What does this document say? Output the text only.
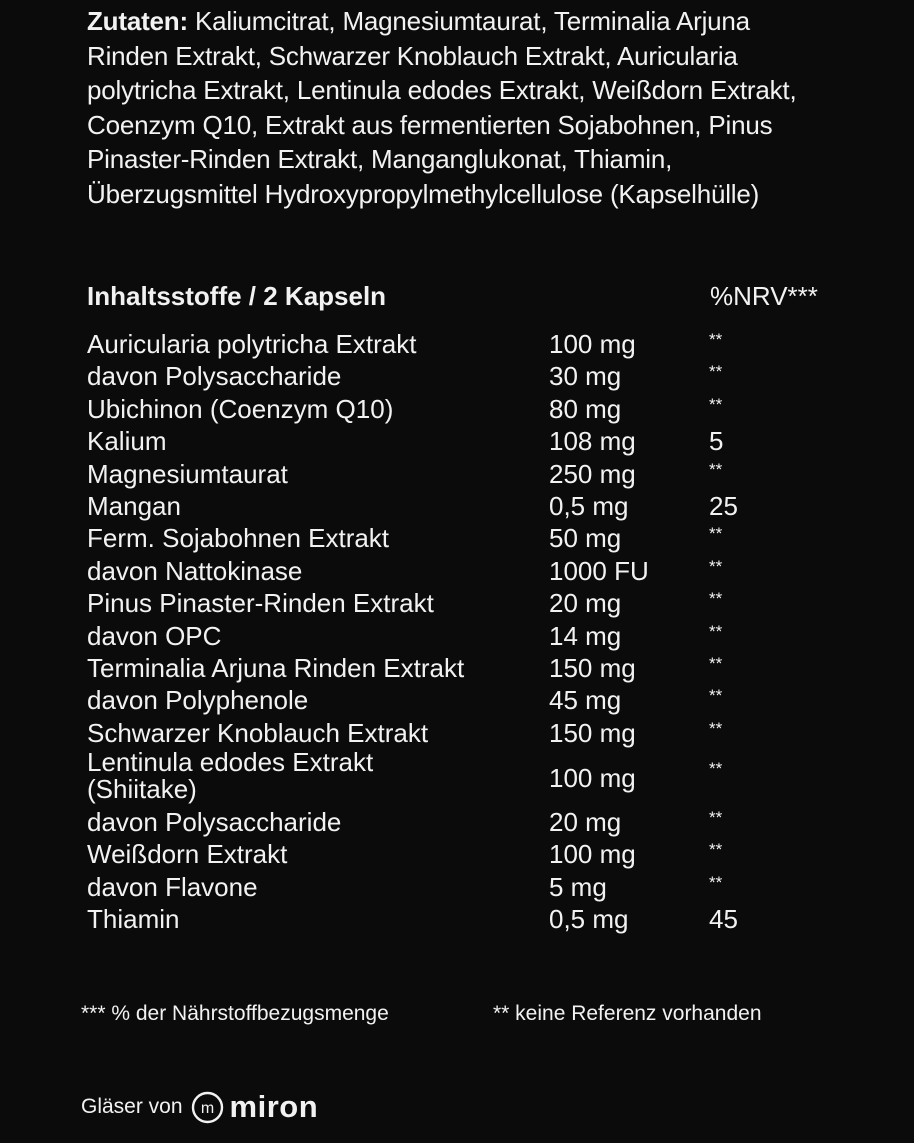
Zutaten: Kaliumcitrat, Magnesiumtaurat, Terminalia Arjuna Rinden Extrakt, Schwarzer Knoblauch Extrakt, Auricularia polytricha Extrakt, Lentinula edodes Extrakt, Weißdorn Extrakt, Coenzym Q10, Extrakt aus fermentierten Sojabohnen, Pinus Pinaster-Rinden Extrakt, Manganglukonat, Thiamin, Überzugsmittel Hydroxypropylmethylcellulose (Kapselhülle)
Inhaltsstoffe / 2 Kapseln	%NRV***
Auricularia polytricha Extrakt	100 mg	**
davon Polysaccharide	30 mg	**
Ubichinon (Coenzym Q10)	80 mg	**
Kalium	108 mg	5
Magnesiumtaurat	250 mg	**
Mangan	0,5 mg	25
Ferm. Sojabohnen Extrakt	50 mg	**
davon Nattokinase	1000 FU	**
Pinus Pinaster-Rinden Extrakt	20 mg	**
davon OPC	14 mg	**
Terminalia Arjuna Rinden Extrakt	150 mg	**
davon Polyphenole	45 mg	**
Schwarzer Knoblauch Extrakt	150 mg	**
Lentinula edodes Extrakt
(Shiitake)	100 mg	**
davon Polysaccharide	20 mg	**
Weißdorn Extrakt	100 mg	**
davon Flavone	5 mg	**
Thiamin	0,5 mg	45
*** % der Nährstoffbezugsmenge	** keine Referenz vorhanden
Gläser von m miron
